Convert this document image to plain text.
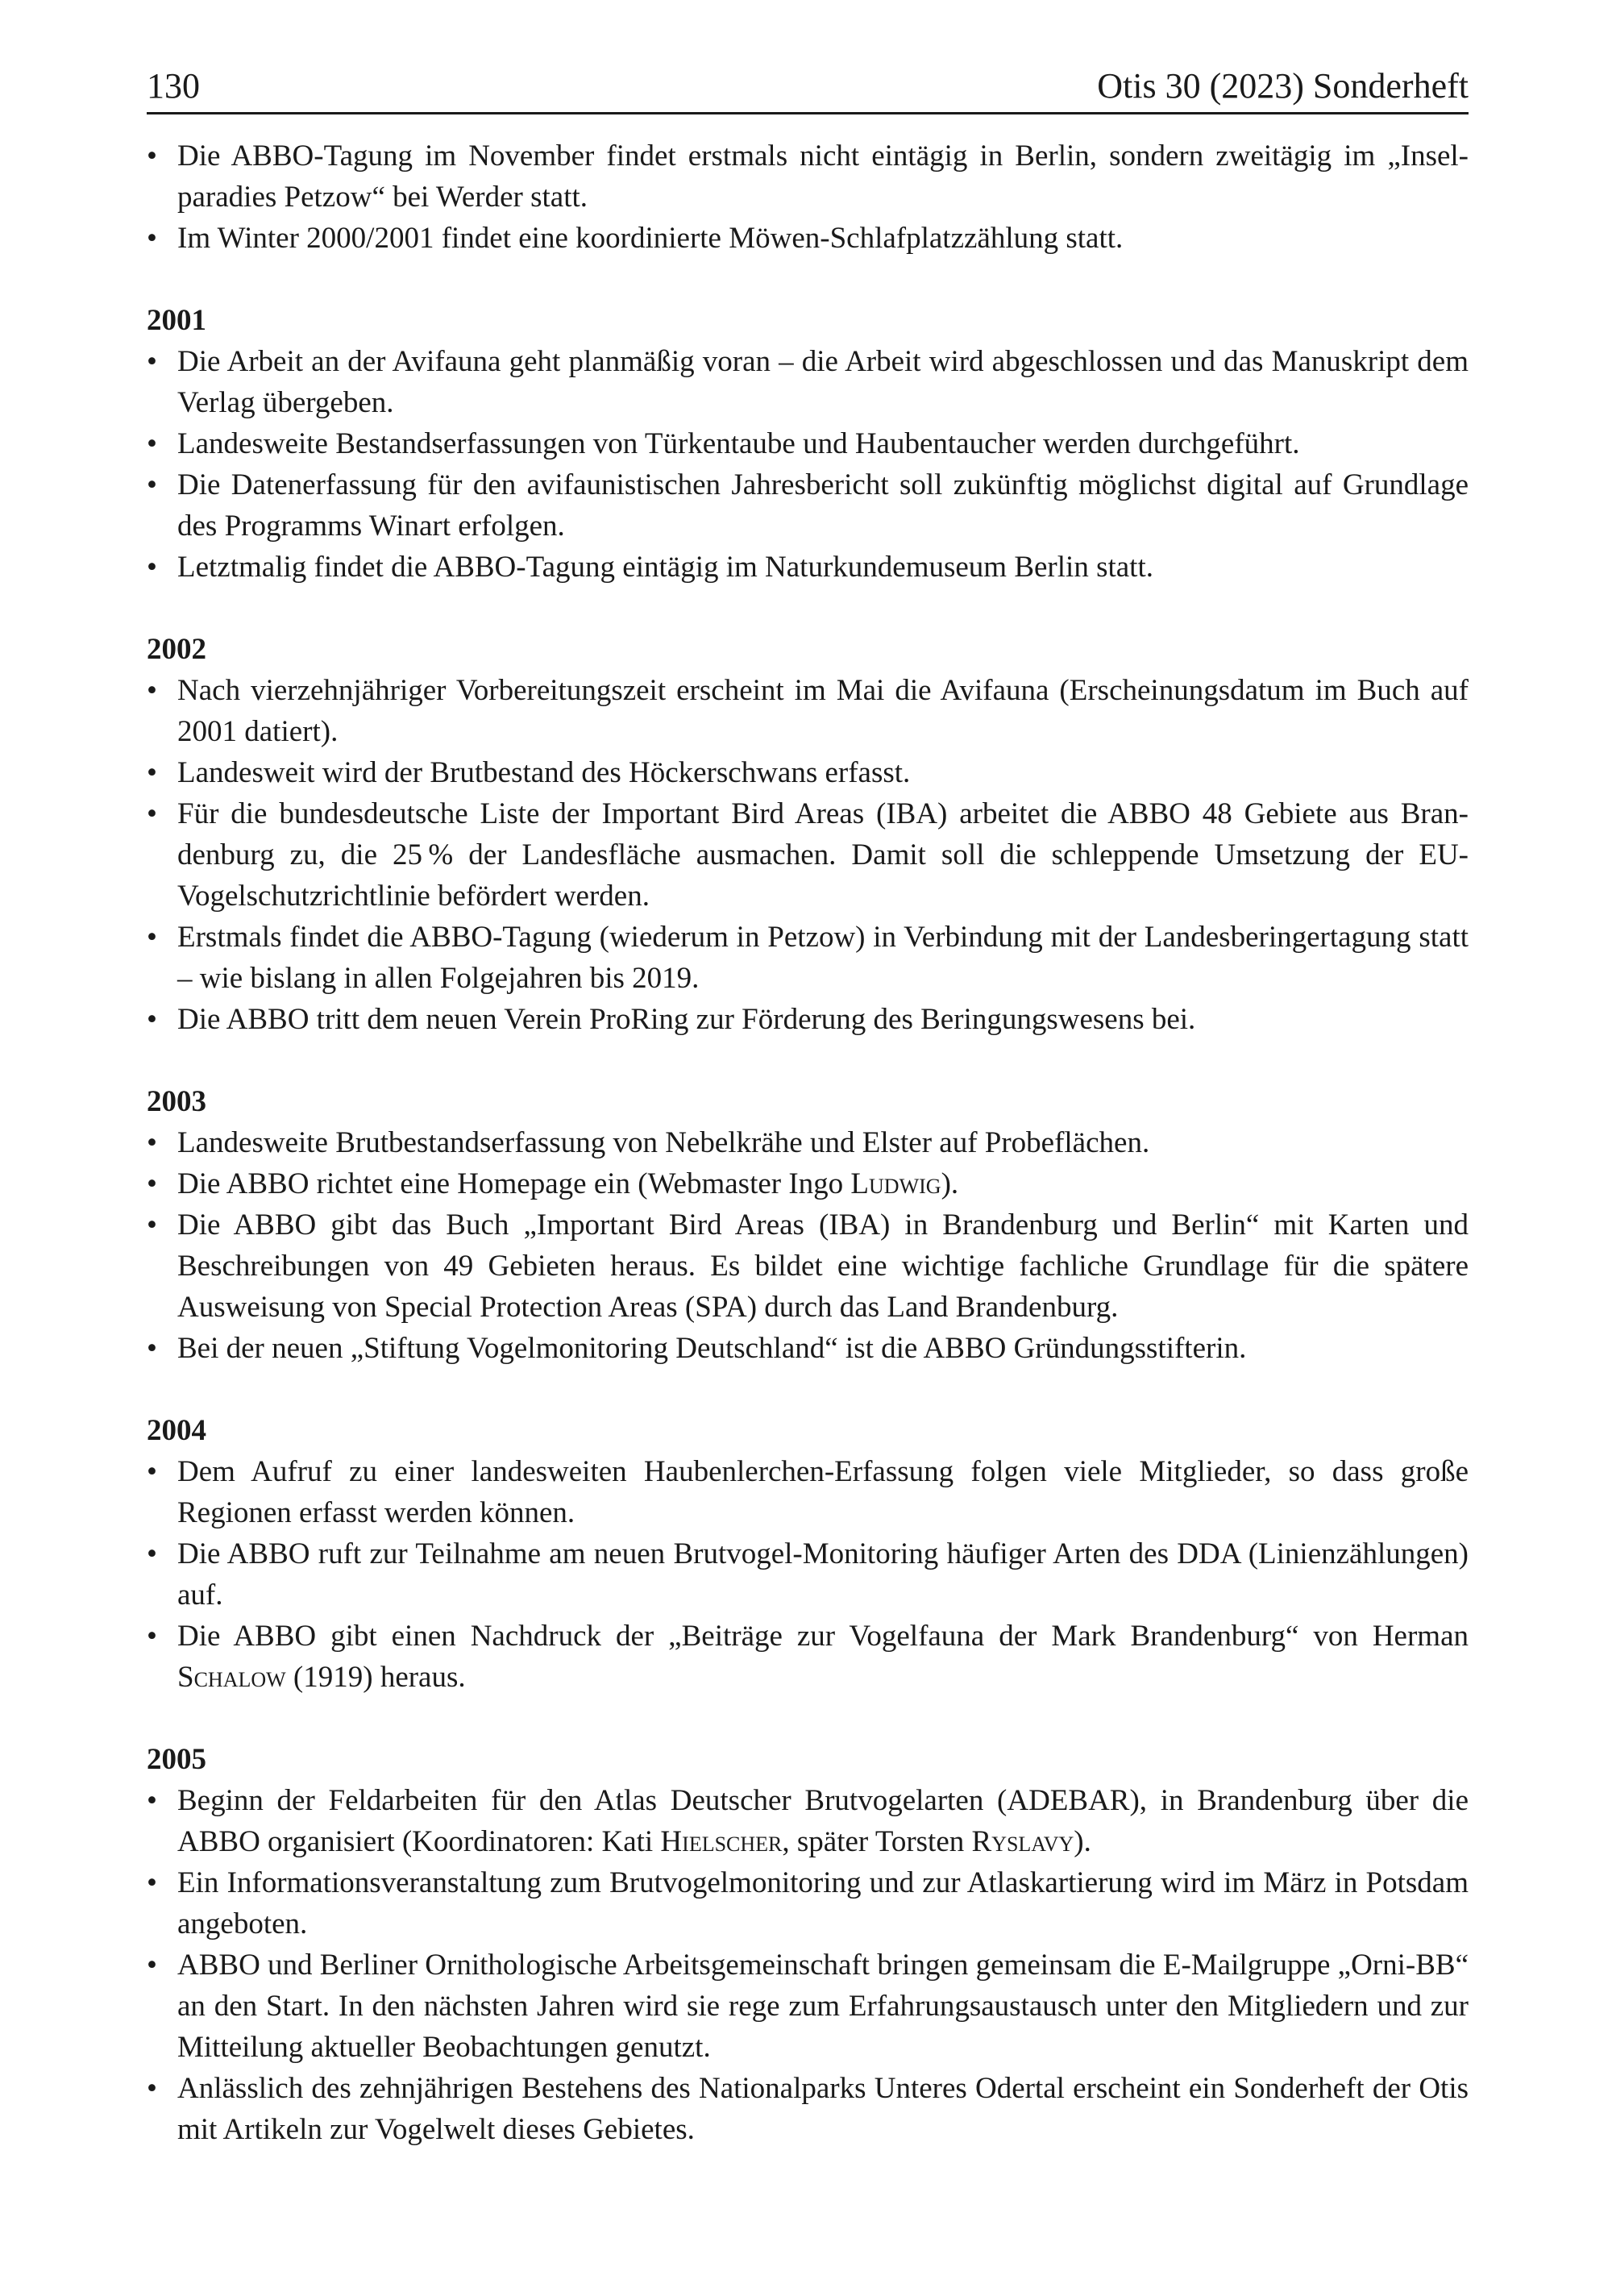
130	Otis 30 (2023) Sonderheft
• Die ABBO-Tagung im November findet erstmals nicht eintägig in Berlin, sondern zweitägig im „Inselparadies Petzow“ bei Werder statt.
• Im Winter 2000/2001 findet eine koordinierte Möwen-Schlafplatzzählung statt.

2001

• Die Arbeit an der Avifauna geht planmäßig voran – die Arbeit wird abgeschlossen und das Manuskript dem Verlag übergeben.
• Landesweite Bestandserfassungen von Türkentaube und Haubentaucher werden durchgeführt.
• Die Datenerfassung für den avifaunistischen Jahresbericht soll zukünftig möglichst digital auf Grundlage des Programms Winart erfolgen.
• Letztmalig findet die ABBO-Tagung eintägig im Naturkundemuseum Berlin statt.

2002

• Nach vierzehnjähriger Vorbereitungszeit erscheint im Mai die Avifauna (Erscheinungsdatum im Buch auf 2001 datiert).
• Landesweit wird der Brutbestand des Höckerschwans erfasst.
• Für die bundesdeutsche Liste der Important Bird Areas (IBA) arbeitet die ABBO 48 Gebiete aus Brandenburg zu, die 25 % der Landesfläche ausmachen. Damit soll die schleppende Umsetzung der EU-Vogelschutzrichtlinie befördert werden.
• Erstmals findet die ABBO-Tagung (wiederum in Petzow) in Verbindung mit der Landesberingertagung statt – wie bislang in allen Folgejahren bis 2019.
• Die ABBO tritt dem neuen Verein ProRing zur Förderung des Beringungswesens bei.

2003

• Landesweite Brutbestandserfassung von Nebelkrähe und Elster auf Probeflächen.
• Die ABBO richtet eine Homepage ein (Webmaster Ingo Ludwig).
• Die ABBO gibt das Buch „Important Bird Areas (IBA) in Brandenburg und Berlin“ mit Karten und Beschreibungen von 49 Gebieten heraus. Es bildet eine wichtige fachliche Grundlage für die spätere Ausweisung von Special Protection Areas (SPA) durch das Land Brandenburg.
• Bei der neuen „Stiftung Vogelmonitoring Deutschland“ ist die ABBO Gründungsstifterin.

2004

• Dem Aufruf zu einer landesweiten Haubenlerchen-Erfassung folgen viele Mitglieder, so dass große Regionen erfasst werden können.
• Die ABBO ruft zur Teilnahme am neuen Brutvogel-Monitoring häufiger Arten des DDA (Linienzählungen) auf.
• Die ABBO gibt einen Nachdruck der „Beiträge zur Vogelfauna der Mark Brandenburg“ von Herman Schalow (1919) heraus.

2005

• Beginn der Feldarbeiten für den Atlas Deutscher Brutvogelarten (ADEBAR), in Brandenburg über die ABBO organisiert (Koordinatoren: Kati Hielscher, später Torsten Ryslavy).
• Ein Informationsveranstaltung zum Brutvogelmonitoring und zur Atlaskartierung wird im März in Potsdam angeboten.
• ABBO und Berliner Ornithologische Arbeitsgemeinschaft bringen gemeinsam die E-Mailgruppe „Orni-BB“ an den Start. In den nächsten Jahren wird sie rege zum Erfahrungsaustausch unter den Mitgliedern und zur Mitteilung aktueller Beobachtungen genutzt.
• Anlässlich des zehnjährigen Bestehens des Nationalparks Unteres Odertal erscheint ein Sonderheft der Otis mit Artikeln zur Vogelwelt dieses Gebietes.
